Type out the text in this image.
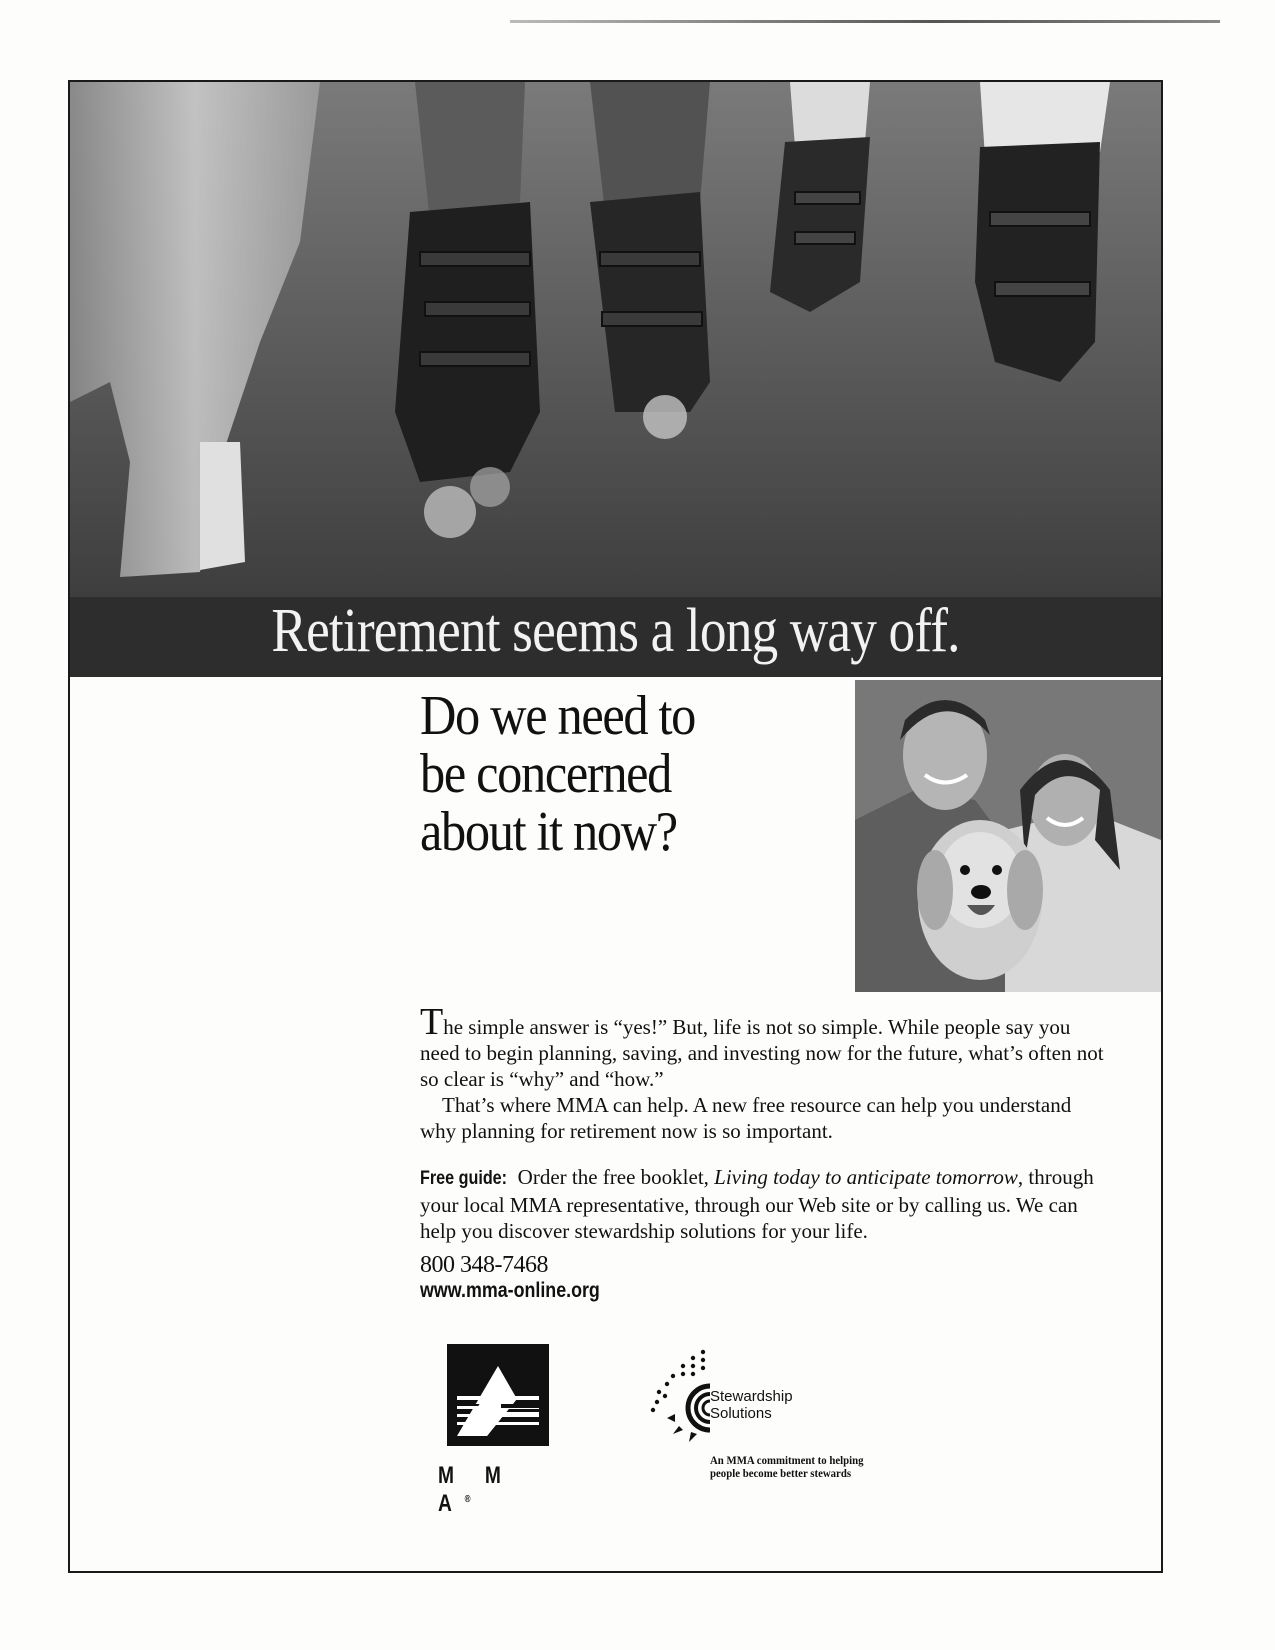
Retirement seems a long way off.
Do we need to
be concerned
about it now?

The simple answer is “yes!” But, life is not so simple. While people say you need to begin planning, saving, and investing now for the future, what’s often not so clear is “why” and “how.”

That’s where MMA can help. A new free resource can help you understand why planning for retirement now is so important.

Free guide: Order the free booklet, Living today to anticipate tomorrow, through your local MMA representative, through our Web site or by calling us. We can help you discover stewardship solutions for your life.

800 348-7468
www.mma-online.org
M M A®
Stewardship
Solutions
An MMA commitment to helping people become better stewards
